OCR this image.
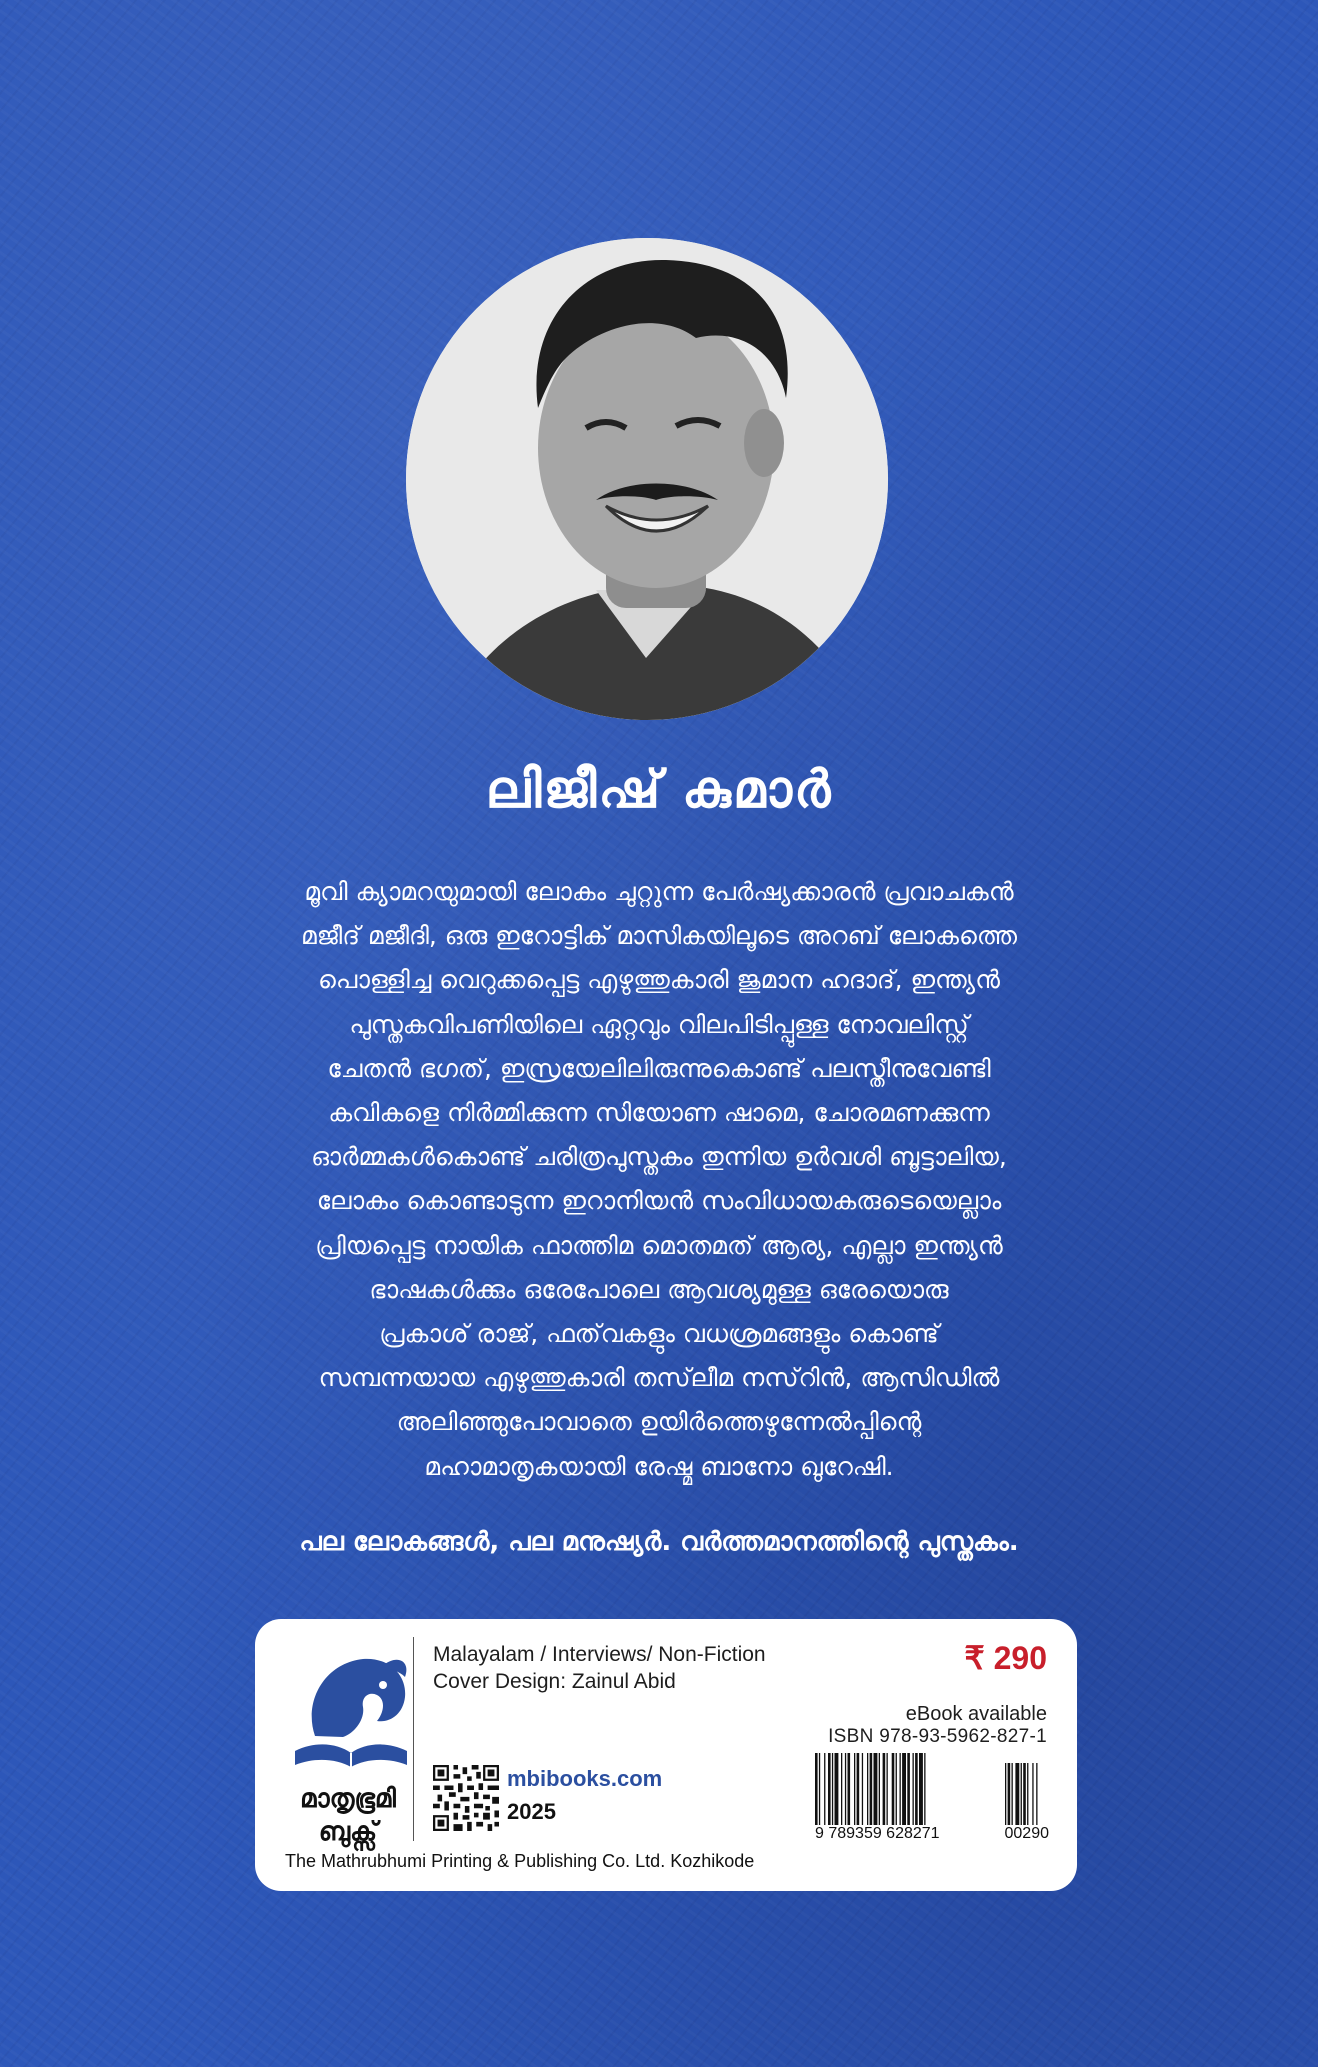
ലിജീഷ് കുമാർ
മൂവി ക്യാമറയുമായി ലോകം ചുറ്റുന്ന പേർഷ്യക്കാരൻ പ്രവാചകൻ
മജീദ് മജീദി, ഒരു ഇറോട്ടിക് മാസികയിലൂടെ അറബ് ലോകത്തെ
പൊള്ളിച്ച വെറുക്കപ്പെട്ട എഴുത്തുകാരി ജുമാന ഹദാദ്, ഇന്ത്യൻ
പുസ്തകവിപണിയിലെ ഏറ്റവും വിലപിടിപ്പുള്ള നോവലിസ്റ്റ്
ചേതൻ ഭഗത്, ഇസ്രയേലിലിരുന്നുകൊണ്ട് പലസ്തീനുവേണ്ടി
കവികളെ നിർമ്മിക്കുന്ന സിയോണ ഷാമെ, ചോരമണക്കുന്ന
ഓർമ്മകൾകൊണ്ട് ചരിത്രപുസ്തകം തുന്നിയ ഉർവശി ബൂട്ടാലിയ,
ലോകം കൊണ്ടാടുന്ന ഇറാനിയൻ സംവിധായകരുടെയെല്ലാം
പ്രിയപ്പെട്ട നായിക ഫാത്തിമ മൊതമത് ആര്യ, എല്ലാ ഇന്ത്യൻ
ഭാഷകൾക്കും ഒരേപോലെ ആവശ്യമുള്ള ഒരേയൊരു
പ്രകാശ് രാജ്, ഫത്‌വകളും വധശ്രമങ്ങളും കൊണ്ട്
സമ്പന്നയായ എഴുത്തുകാരി തസ്‌ലീമ നസ്‌റിൻ, ആസിഡിൽ
അലിഞ്ഞുപോവാതെ ഉയിർത്തെഴുന്നേൽപ്പിന്റെ
മഹാമാതൃകയായി രേഷ്മ ബാനോ ഖുറേഷി.
പല ലോകങ്ങൾ, പല മനുഷ്യർ. വർത്തമാനത്തിന്റെ പുസ്തകം.
മാതൃഭൂമി
ബുക്സ്
Malayalam / Interviews/ Non-Fiction
Cover Design: Zainul Abid
₹ 290
eBook available
ISBN 978-93-5962-827-1
mbibooks.com
2025
9 789359 628271	00290
The Mathrubhumi Printing & Publishing Co. Ltd. Kozhikode
